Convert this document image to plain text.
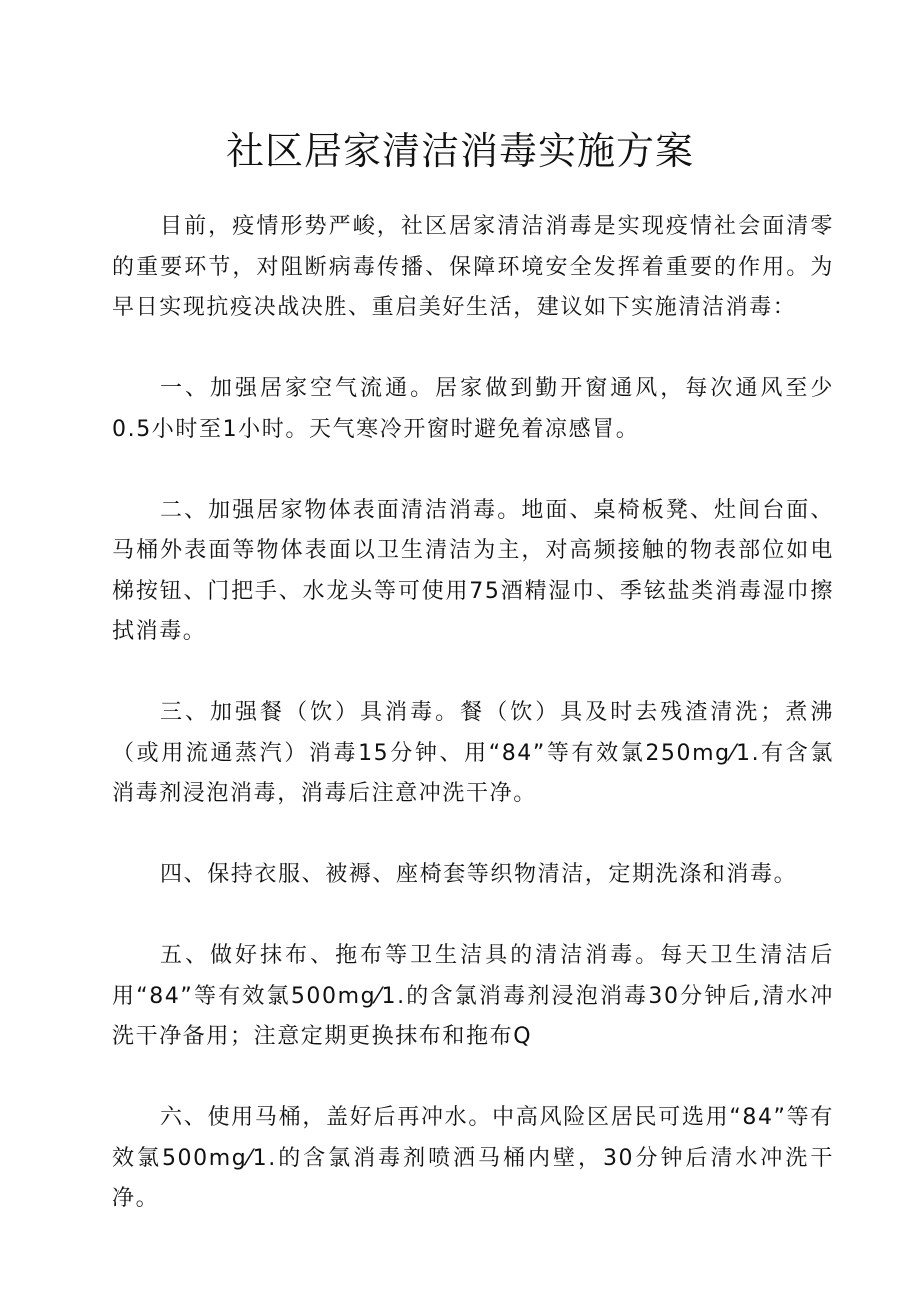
社区居家清洁消毒实施方案

目前，疫情形势严峻，社区居家清洁消毒是实现疫情社会面清零的重要环节，对阻断病毒传播、保障环境安全发挥着重要的作用。为早日实现抗疫决战决胜、重启美好生活，建议如下实施清洁消毒：

一、加强居家空气流通。居家做到勤开窗通风，每次通风至少0.5小时至1小时。天气寒冷开窗时避免着凉感冒。

二、加强居家物体表面清洁消毒。地面、桌椅板凳、灶间台面、马桶外表面等物体表面以卫生清洁为主，对高频接触的物表部位如电梯按钮、门把手、水龙头等可使用75酒精湿巾、季铉盐类消毒湿巾擦拭消毒。

三、加强餐（饮）具消毒。餐（饮）具及时去残渣清洗；煮沸（或用流通蒸汽）消毒15分钟、用“84”等有效氯250mg⁄1.有含氯消毒剂浸泡消毒，消毒后注意冲洗干净。

四、保持衣服、被褥、座椅套等织物清洁，定期洗涤和消毒。

五、做好抹布、拖布等卫生洁具的清洁消毒。每天卫生清洁后用“84”等有效氯500mg⁄1.的含氯消毒剂浸泡消毒30分钟后,清水冲洗干净备用；注意定期更换抹布和拖布Q

六、使用马桶，盖好后再冲水。中高风险区居民可选用“84”等有效氯500mg⁄1.的含氯消毒剂喷洒马桶内壁，30分钟后清水冲洗干净。
